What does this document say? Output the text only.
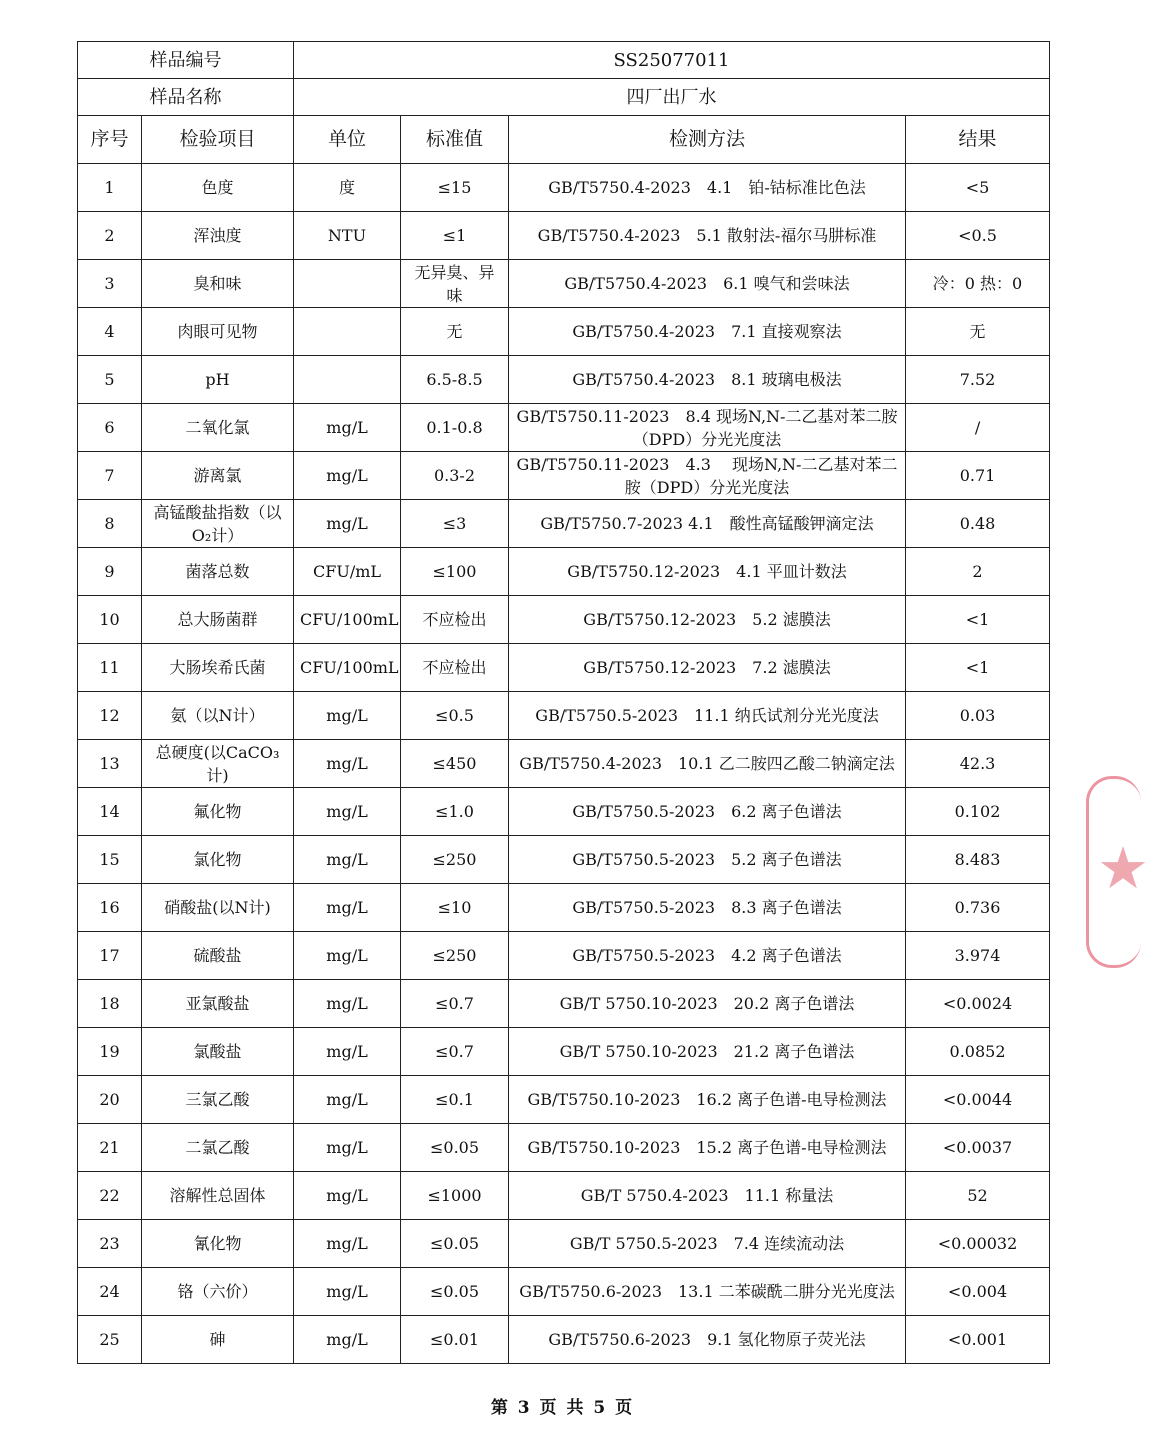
样品编号		SS25077011			
样品名称		四厂出厂水			
序号	检验项目	单位	标准值	检测方法	结果
1	色度	度	≤15	GB/T5750.4-2023　4.1　铂-钴标准比色法	<5
2	浑浊度	NTU	≤1	GB/T5750.4-2023　5.1 散射法-福尔马肼标准	<0.5
3	臭和味		无异臭、异味	GB/T5750.4-2023　6.1 嗅气和尝味法	冷：0 热：0
4	肉眼可见物		无	GB/T5750.4-2023　7.1 直接观察法	无
5	pH		6.5-8.5	GB/T5750.4-2023　8.1 玻璃电极法	7.52
6	二氧化氯	mg/L	0.1-0.8	GB/T5750.11-2023　8.4 现场N,N-二乙基对苯二胺（DPD）分光光度法	/
7	游离氯	mg/L	0.3-2	GB/T5750.11-2023　4.3　 现场N,N-二乙基对苯二胺（DPD）分光光度法	0.71
8	高锰酸盐指数（以O₂计）	mg/L	≤3	GB/T5750.7-2023 4.1　酸性高锰酸钾滴定法	0.48
9	菌落总数	CFU/mL	≤100	GB/T5750.12-2023　4.1 平皿计数法	2
10	总大肠菌群	CFU/100mL	不应检出	GB/T5750.12-2023　5.2 滤膜法	<1
11	大肠埃希氏菌	CFU/100mL	不应检出	GB/T5750.12-2023　7.2 滤膜法	<1
12	氨（以N计）	mg/L	≤0.5	GB/T5750.5-2023　11.1 纳氏试剂分光光度法	0.03
13	总硬度(以CaCO₃计)	mg/L	≤450	GB/T5750.4-2023　10.1 乙二胺四乙酸二钠滴定法	42.3
14	氟化物	mg/L	≤1.0	GB/T5750.5-2023　6.2 离子色谱法	0.102
15	氯化物	mg/L	≤250	GB/T5750.5-2023　5.2 离子色谱法	8.483
16	硝酸盐(以N计)	mg/L	≤10	GB/T5750.5-2023　8.3 离子色谱法	0.736
17	硫酸盐	mg/L	≤250	GB/T5750.5-2023　4.2 离子色谱法	3.974
18	亚氯酸盐	mg/L	≤0.7	GB/T 5750.10-2023　20.2 离子色谱法	<0.0024
19	氯酸盐	mg/L	≤0.7	GB/T 5750.10-2023　21.2 离子色谱法	0.0852
20	三氯乙酸	mg/L	≤0.1	GB/T5750.10-2023　16.2 离子色谱-电导检测法	<0.0044
21	二氯乙酸	mg/L	≤0.05	GB/T5750.10-2023　15.2 离子色谱-电导检测法	<0.0037
22	溶解性总固体	mg/L	≤1000	GB/T 5750.4-2023　11.1 称量法	52
23	氰化物	mg/L	≤0.05	GB/T 5750.5-2023　7.4 连续流动法	<0.00032
24	铬（六价）	mg/L	≤0.05	GB/T5750.6-2023　13.1 二苯碳酰二肼分光光度法	<0.004
25	砷	mg/L	≤0.01	GB/T5750.6-2023　9.1 氢化物原子荧光法	<0.001
第 3 页 共 5 页
★
